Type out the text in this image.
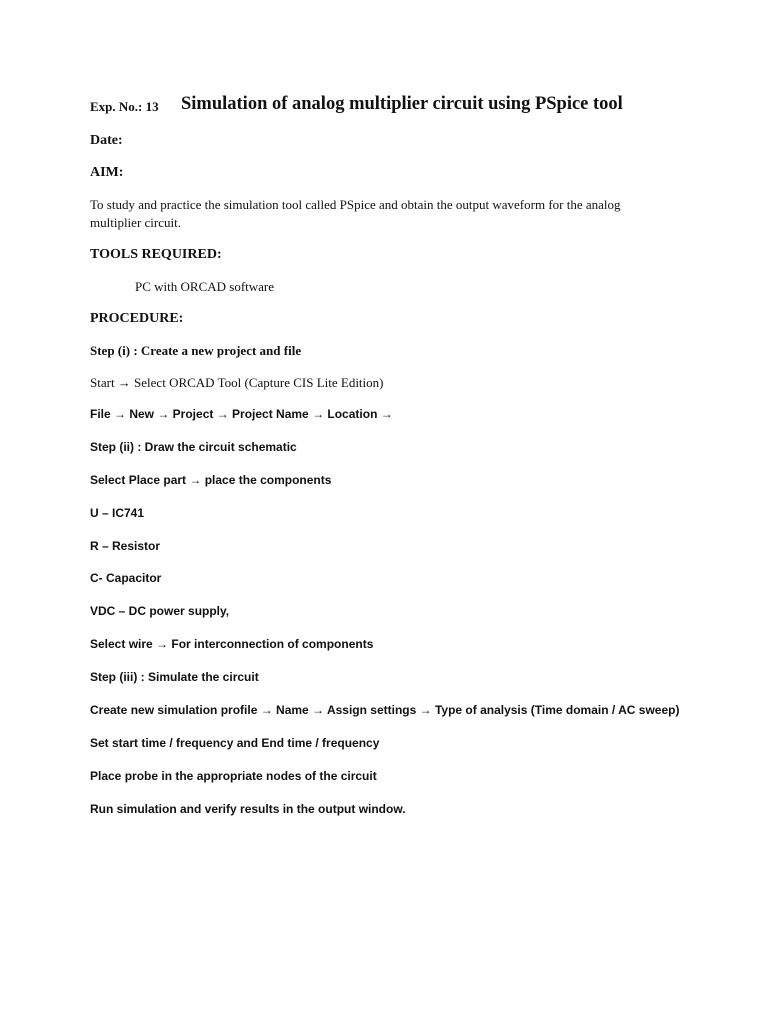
Exp. No.: 13 Simulation of analog multiplier circuit using PSpice tool
Date:
AIM:
To study and practice the simulation tool called PSpice and obtain the output waveform for the analog multiplier circuit.
TOOLS REQUIRED:
PC with ORCAD software
PROCEDURE:
Step (i) : Create a new project and file
Start → Select ORCAD Tool (Capture CIS Lite Edition)
File → New → Project → Project Name → Location →
Step (ii) : Draw the circuit schematic
Select Place part → place the components
U – IC741
R – Resistor
C- Capacitor
VDC – DC power supply,
Select wire → For interconnection of components
Step (iii) : Simulate the circuit
Create new simulation profile → Name → Assign settings → Type of analysis (Time domain / AC sweep)
Set start time / frequency and End time / frequency
Place probe in the appropriate nodes of the circuit
Run simulation and verify results in the output window.
